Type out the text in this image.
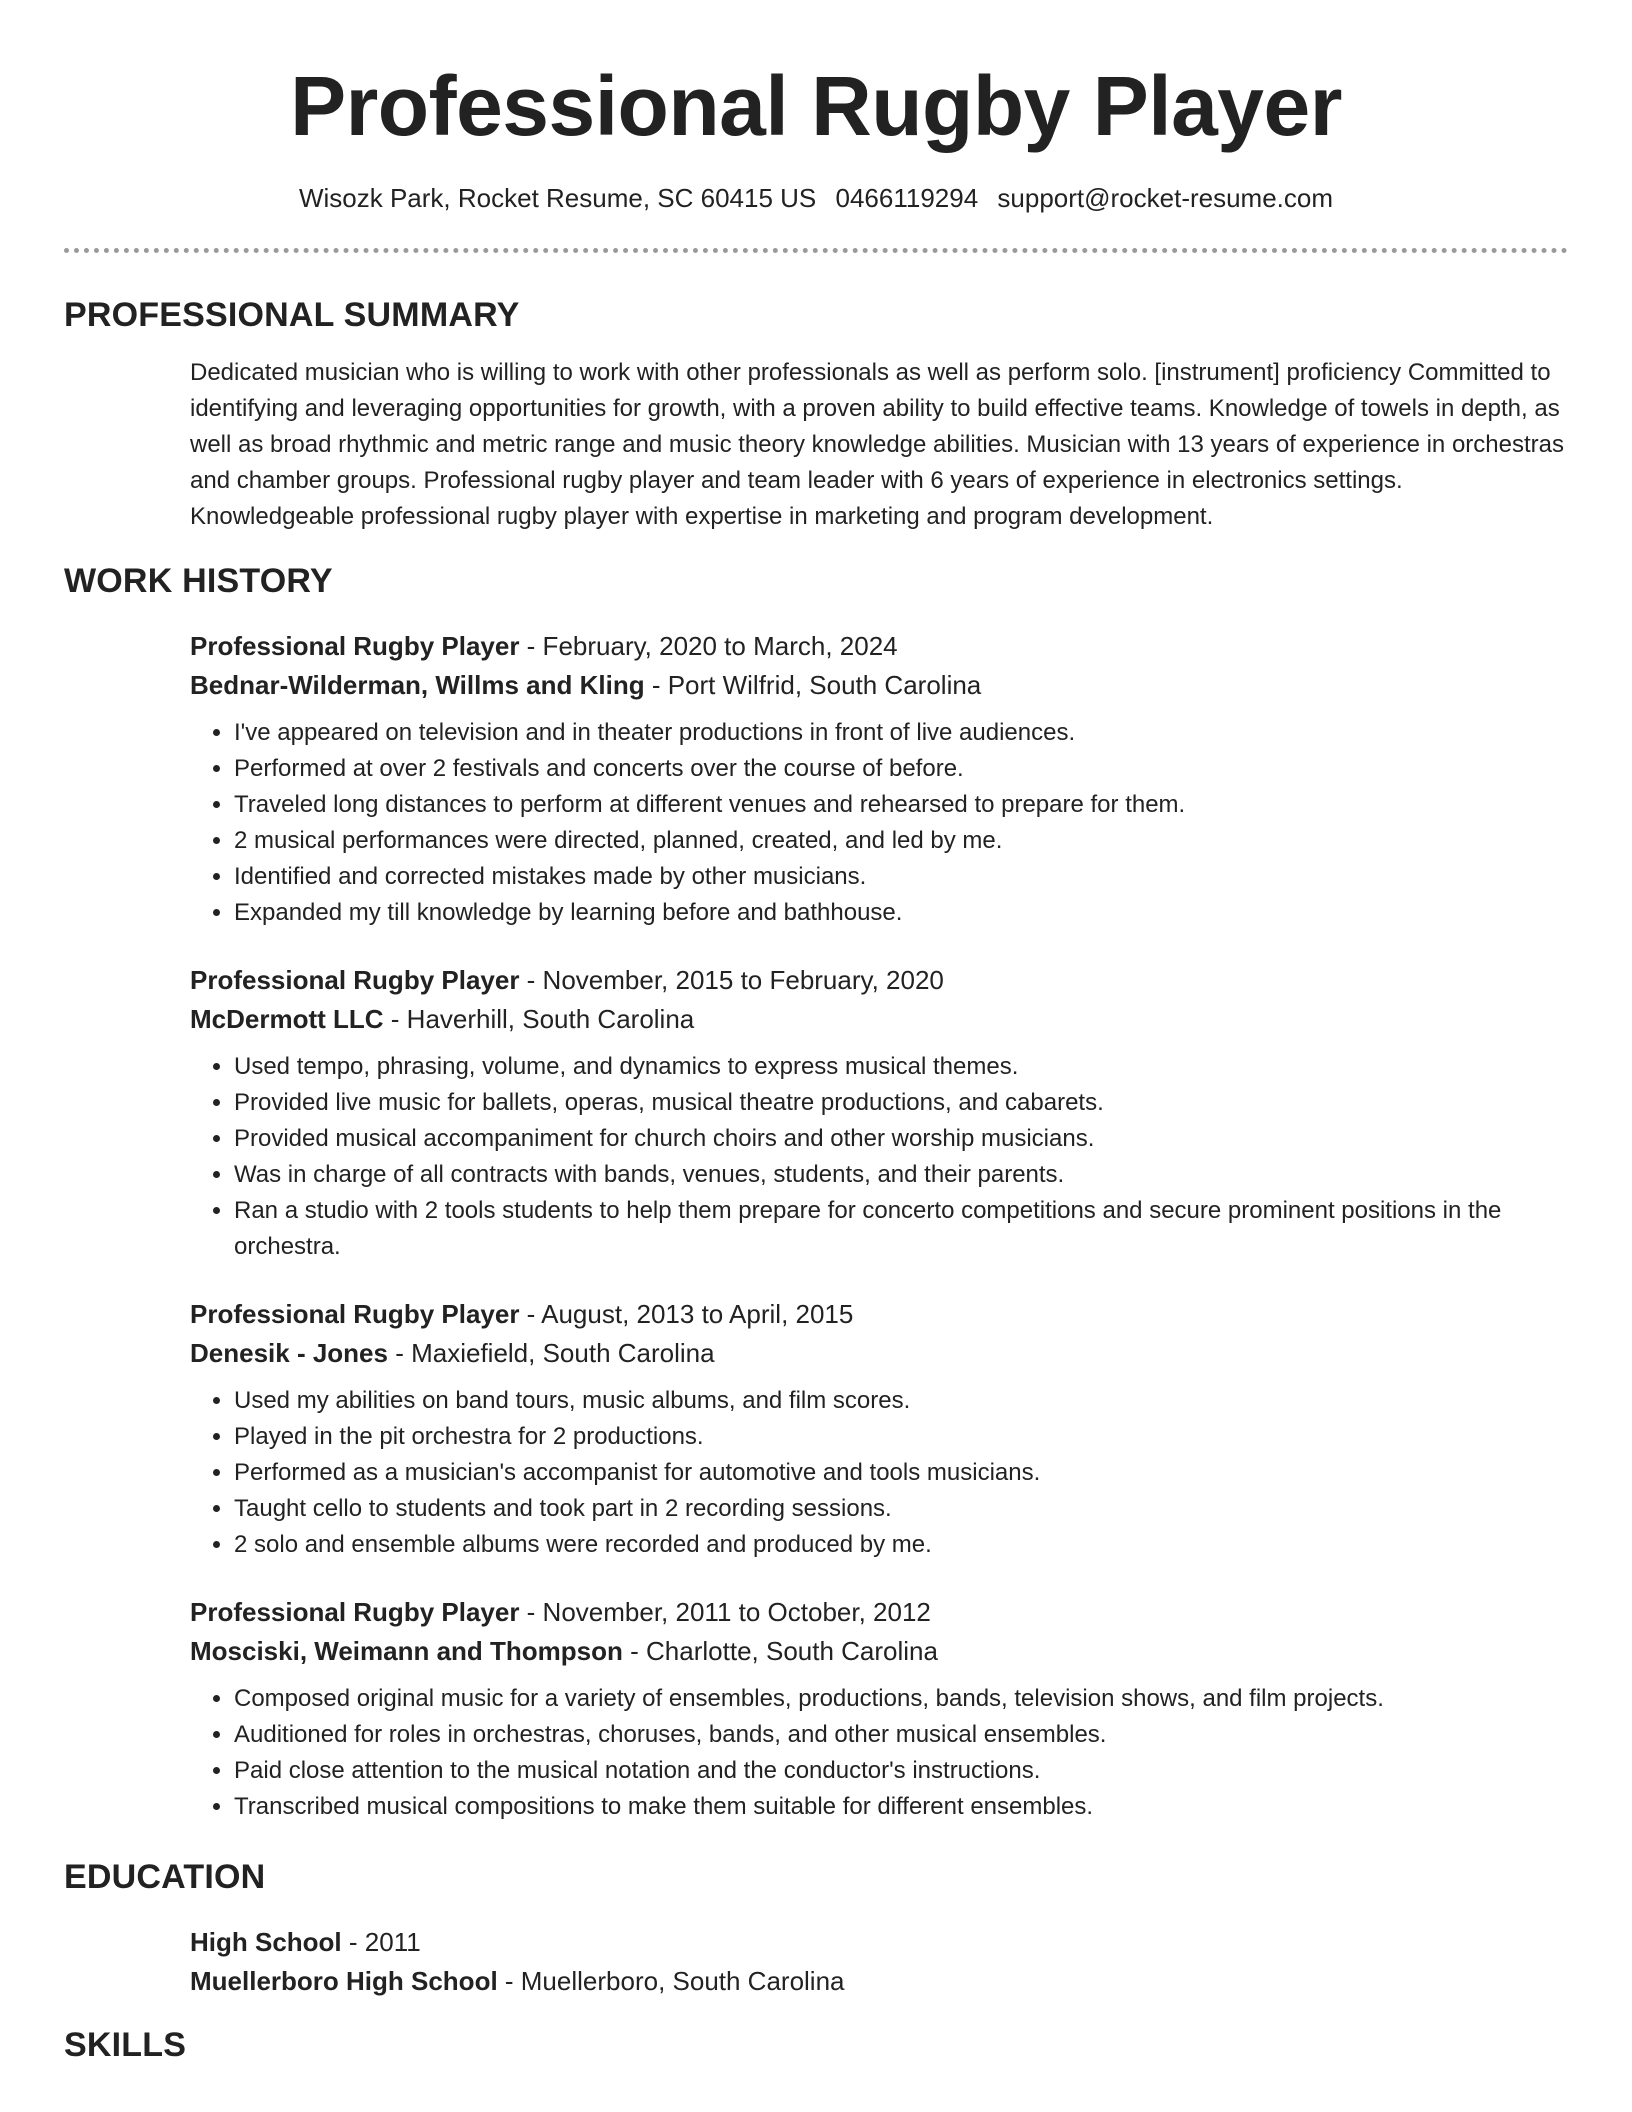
Professional Rugby Player
Wisozk Park, Rocket Resume, SC 60415 US 0466119294 support@rocket-resume.com
PROFESSIONAL SUMMARY
Dedicated musician who is willing to work with other professionals as well as perform solo. [instrument] proficiency Committed to identifying and leveraging opportunities for growth, with a proven ability to build effective teams. Knowledge of towels in depth, as well as broad rhythmic and metric range and music theory knowledge abilities. Musician with 13 years of experience in orchestras and chamber groups. Professional rugby player and team leader with 6 years of experience in electronics settings. Knowledgeable professional rugby player with expertise in marketing and program development.
WORK HISTORY
Professional Rugby Player - February, 2020 to March, 2024
Bednar-Wilderman, Willms and Kling - Port Wilfrid, South Carolina
• I've appeared on television and in theater productions in front of live audiences.
• Performed at over 2 festivals and concerts over the course of before.
• Traveled long distances to perform at different venues and rehearsed to prepare for them.
• 2 musical performances were directed, planned, created, and led by me.
• Identified and corrected mistakes made by other musicians.
• Expanded my till knowledge by learning before and bathhouse.
Professional Rugby Player - November, 2015 to February, 2020
McDermott LLC - Haverhill, South Carolina
• Used tempo, phrasing, volume, and dynamics to express musical themes.
• Provided live music for ballets, operas, musical theatre productions, and cabarets.
• Provided musical accompaniment for church choirs and other worship musicians.
• Was in charge of all contracts with bands, venues, students, and their parents.
• Ran a studio with 2 tools students to help them prepare for concerto competitions and secure prominent positions in the orchestra.
Professional Rugby Player - August, 2013 to April, 2015
Denesik - Jones - Maxiefield, South Carolina
• Used my abilities on band tours, music albums, and film scores.
• Played in the pit orchestra for 2 productions.
• Performed as a musician's accompanist for automotive and tools musicians.
• Taught cello to students and took part in 2 recording sessions.
• 2 solo and ensemble albums were recorded and produced by me.
Professional Rugby Player - November, 2011 to October, 2012
Mosciski, Weimann and Thompson - Charlotte, South Carolina
• Composed original music for a variety of ensembles, productions, bands, television shows, and film projects.
• Auditioned for roles in orchestras, choruses, bands, and other musical ensembles.
• Paid close attention to the musical notation and the conductor's instructions.
• Transcribed musical compositions to make them suitable for different ensembles.
EDUCATION
High School - 2011
Muellerboro High School - Muellerboro, South Carolina
SKILLS
